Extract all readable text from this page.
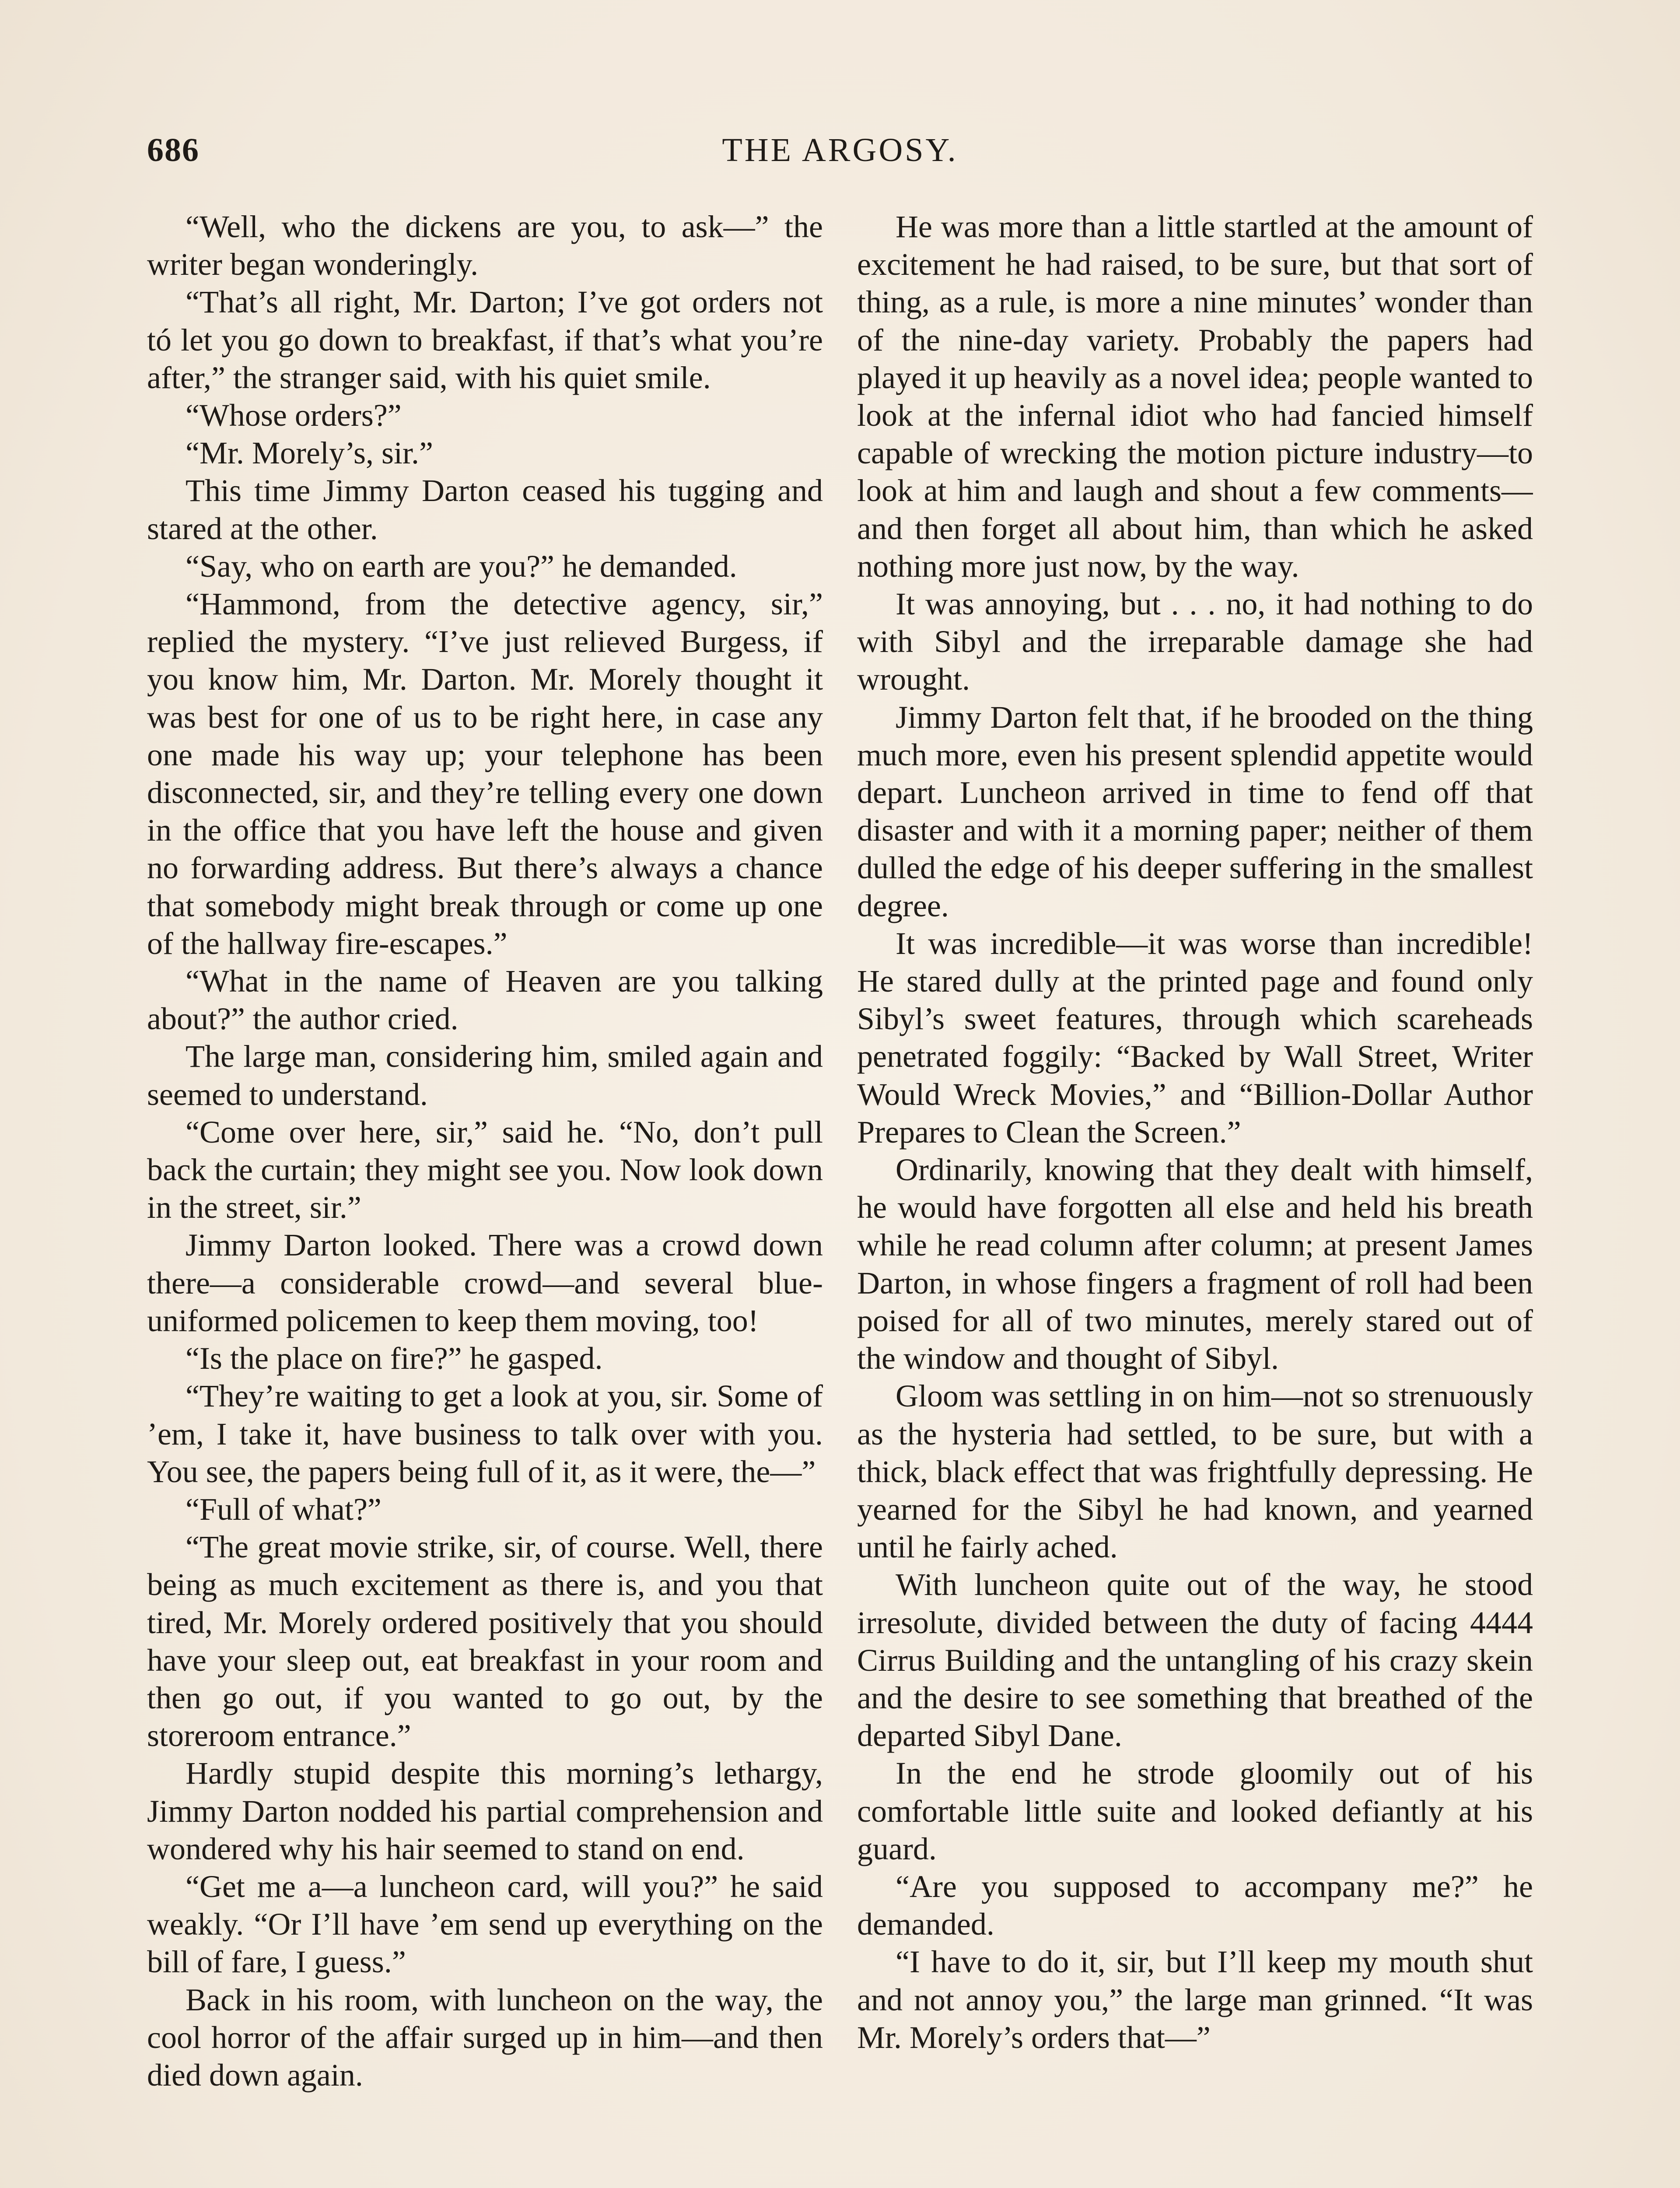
686	THE ARGOSY.

“Well, who the dickens are you, to ask—” the writer began wonderingly.

“That’s all right, Mr. Darton; I’ve got orders not tó let you go down to breakfast, if that’s what you’re after,” the stranger said, with his quiet smile.

“Whose orders?”

“Mr. Morely’s, sir.”

This time Jimmy Darton ceased his tugging and stared at the other.

“Say, who on earth are you?” he demanded.

“Hammond, from the detective agency, sir,” replied the mystery. “I’ve just relieved Burgess, if you know him, Mr. Darton. Mr. Morely thought it was best for one of us to be right here, in case any one made his way up; your telephone has been disconnected, sir, and they’re telling every one down in the office that you have left the house and given no forwarding address. But there’s always a chance that somebody might break through or come up one of the hallway fire-escapes.”

“What in the name of Heaven are you talking about?” the author cried.

The large man, considering him, smiled again and seemed to understand.

“Come over here, sir,” said he. “No, don’t pull back the curtain; they might see you. Now look down in the street, sir.”

Jimmy Darton looked. There was a crowd down there—a considerable crowd—and several blue-uniformed policemen to keep them moving, too!

“Is the place on fire?” he gasped.

“They’re waiting to get a look at you, sir. Some of ’em, I take it, have business to talk over with you. You see, the papers being full of it, as it were, the—”

“Full of what?”

“The great movie strike, sir, of course. Well, there being as much excitement as there is, and you that tired, Mr. Morely ordered positively that you should have your sleep out, eat breakfast in your room and then go out, if you wanted to go out, by the storeroom entrance.”

Hardly stupid despite this morning’s lethargy, Jimmy Darton nodded his partial comprehension and wondered why his hair seemed to stand on end.

“Get me a—a luncheon card, will you?” he said weakly. “Or I’ll have ’em send up everything on the bill of fare, I guess.”

Back in his room, with luncheon on the way, the cool horror of the affair surged up in him—and then died down again.

He was more than a little startled at the amount of excitement he had raised, to be sure, but that sort of thing, as a rule, is more a nine minutes’ wonder than of the nine-day variety. Probably the papers had played it up heavily as a novel idea; people wanted to look at the infernal idiot who had fancied himself capable of wrecking the motion picture industry—to look at him and laugh and shout a few comments—and then forget all about him, than which he asked nothing more just now, by the way.

It was annoying, but . . . no, it had nothing to do with Sibyl and the irreparable damage she had wrought.

Jimmy Darton felt that, if he brooded on the thing much more, even his present splendid appetite would depart. Luncheon arrived in time to fend off that disaster and with it a morning paper; neither of them dulled the edge of his deeper suffering in the smallest degree.

It was incredible—it was worse than incredible! He stared dully at the printed page and found only Sibyl’s sweet features, through which scareheads penetrated foggily: “Backed by Wall Street, Writer Would Wreck Movies,” and “Billion-Dollar Author Prepares to Clean the Screen.”

Ordinarily, knowing that they dealt with himself, he would have forgotten all else and held his breath while he read column after column; at present James Darton, in whose fingers a fragment of roll had been poised for all of two minutes, merely stared out of the window and thought of Sibyl.

Gloom was settling in on him—not so strenuously as the hysteria had settled, to be sure, but with a thick, black effect that was frightfully depressing. He yearned for the Sibyl he had known, and yearned until he fairly ached.

With luncheon quite out of the way, he stood irresolute, divided between the duty of facing 4444 Cirrus Building and the untangling of his crazy skein and the desire to see something that breathed of the departed Sibyl Dane.

In the end he strode gloomily out of his comfortable little suite and looked defiantly at his guard.

“Are you supposed to accompany me?” he demanded.

“I have to do it, sir, but I’ll keep my mouth shut and not annoy you,” the large man grinned. “It was Mr. Morely’s orders that—”
